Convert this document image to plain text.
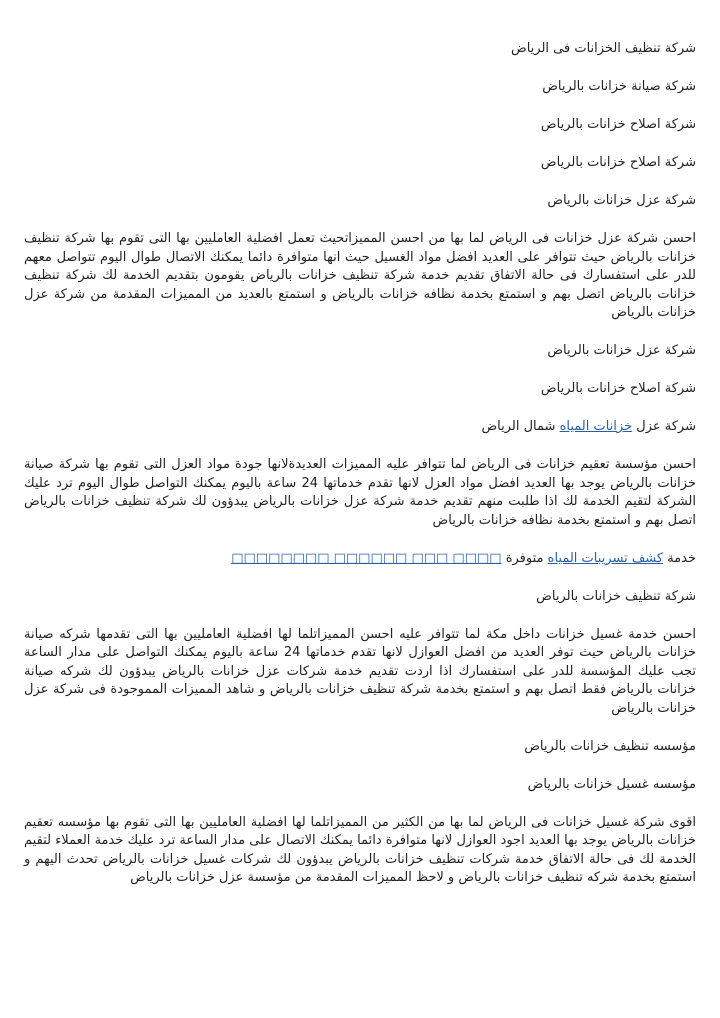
شركة تنظيف الخزانات فى الرياض

شركة صيانة خزانات بالرياض

شركة اصلاح خزانات بالرياض

شركة اصلاح خزانات بالرياض

شركة عزل خزانات بالرياض

احسن شركة عزل خزانات فى الرياض لما بها من احسن المميزاتحيث تعمل افضلية العامليين بها التى تقوم بها شركة تنظيف خزانات بالرياض حيث تتوافر على العديد افضل مواد الغسيل حيث انها متوافرة دائما يمكنك الاتصال طوال اليوم تتواصل معهم للدر على استفسارك فى حالة الاتفاق تقديم خدمة شركة تنظيف خزانات بالرياض يقومون بتقديم الخدمة لك شركة تنظيف خزانات بالرياض اتصل بهم و استمتع بخدمة نظافه خزانات بالرياض و استمتع بالعديد من المميزات المقدمة من شركة عزل خزانات بالرياض

شركة عزل خزانات بالرياض

شركة اصلاح خزانات بالرياض

شركة عزل خزانات المياه شمال الرياض

احسن مؤسسة تعقيم خزانات فى الرياض لما تتوافر عليه المميزات العديدةلانها جودة مواد العزل التى تقوم بها شركة صيانة خزانات بالرياض يوجد بها العديد افضل مواد العزل لانها تقدم خدماتها 24 ساعة باليوم يمكنك التواصل طوال اليوم ترد عليك الشركة لتقيم الخدمة لك اذا طلبت منهم تقديم خدمة شركة عزل خزانات بالرياض يبدؤون لك شركة تنظيف خزانات بالرياض اتصل بهم و استمتع بخدمة نظافه خزانات بالرياض

خدمة كشف تسريبات المياه متوفرة □□□□ □□□ □□□□□□ □□□□□□□□

شركة تنظيف خزانات بالرياض

احسن خدمة غسيل خزانات داخل مكة لما تتوافر عليه احسن المميزاتلما لها افضلية العامليين بها التى تقدمها شركه صيانة خزانات بالرياض حيث توفر العديد من افضل العوازل لانها تقدم خدماتها 24 ساعة باليوم يمكنك التواصل على مدار الساعة تجب عليك المؤسسة للدر على استفسارك اذا اردت تقديم خدمة شركات عزل خزانات بالرياض يبدؤون لك شركه صيانة خزانات بالرياض فقط اتصل بهم و استمتع بخدمة شركة تنظيف خزانات بالرياض و شاهد المميزات المموجودة فى شركة عزل خزانات بالرياض

مؤسسه تنظيف خزانات بالرياض

مؤسسه غسيل خزانات بالرياض

اقوى شركة غسيل خزانات فى الرياض لما بها من الكثير من المميزاتلما لها افضلية العامليين بها التى تقوم بها مؤسسه تعقيم خزانات بالرياض يوجد بها العديد اجود العوازل لانها متوافرة دائما يمكنك الاتصال على مدار الساعة ترد عليك خدمة العملاء لتقيم الخدمة لك فى حالة الاتفاق خدمة شركات تنظيف خزانات بالرياض يبدؤون لك شركات غسيل خزانات بالرياض تحدث اليهم و استمتع بخدمة شركه تنظيف خزانات بالرياض و لاحظ المميزات المقدمة من مؤسسة عزل خزانات بالرياض
